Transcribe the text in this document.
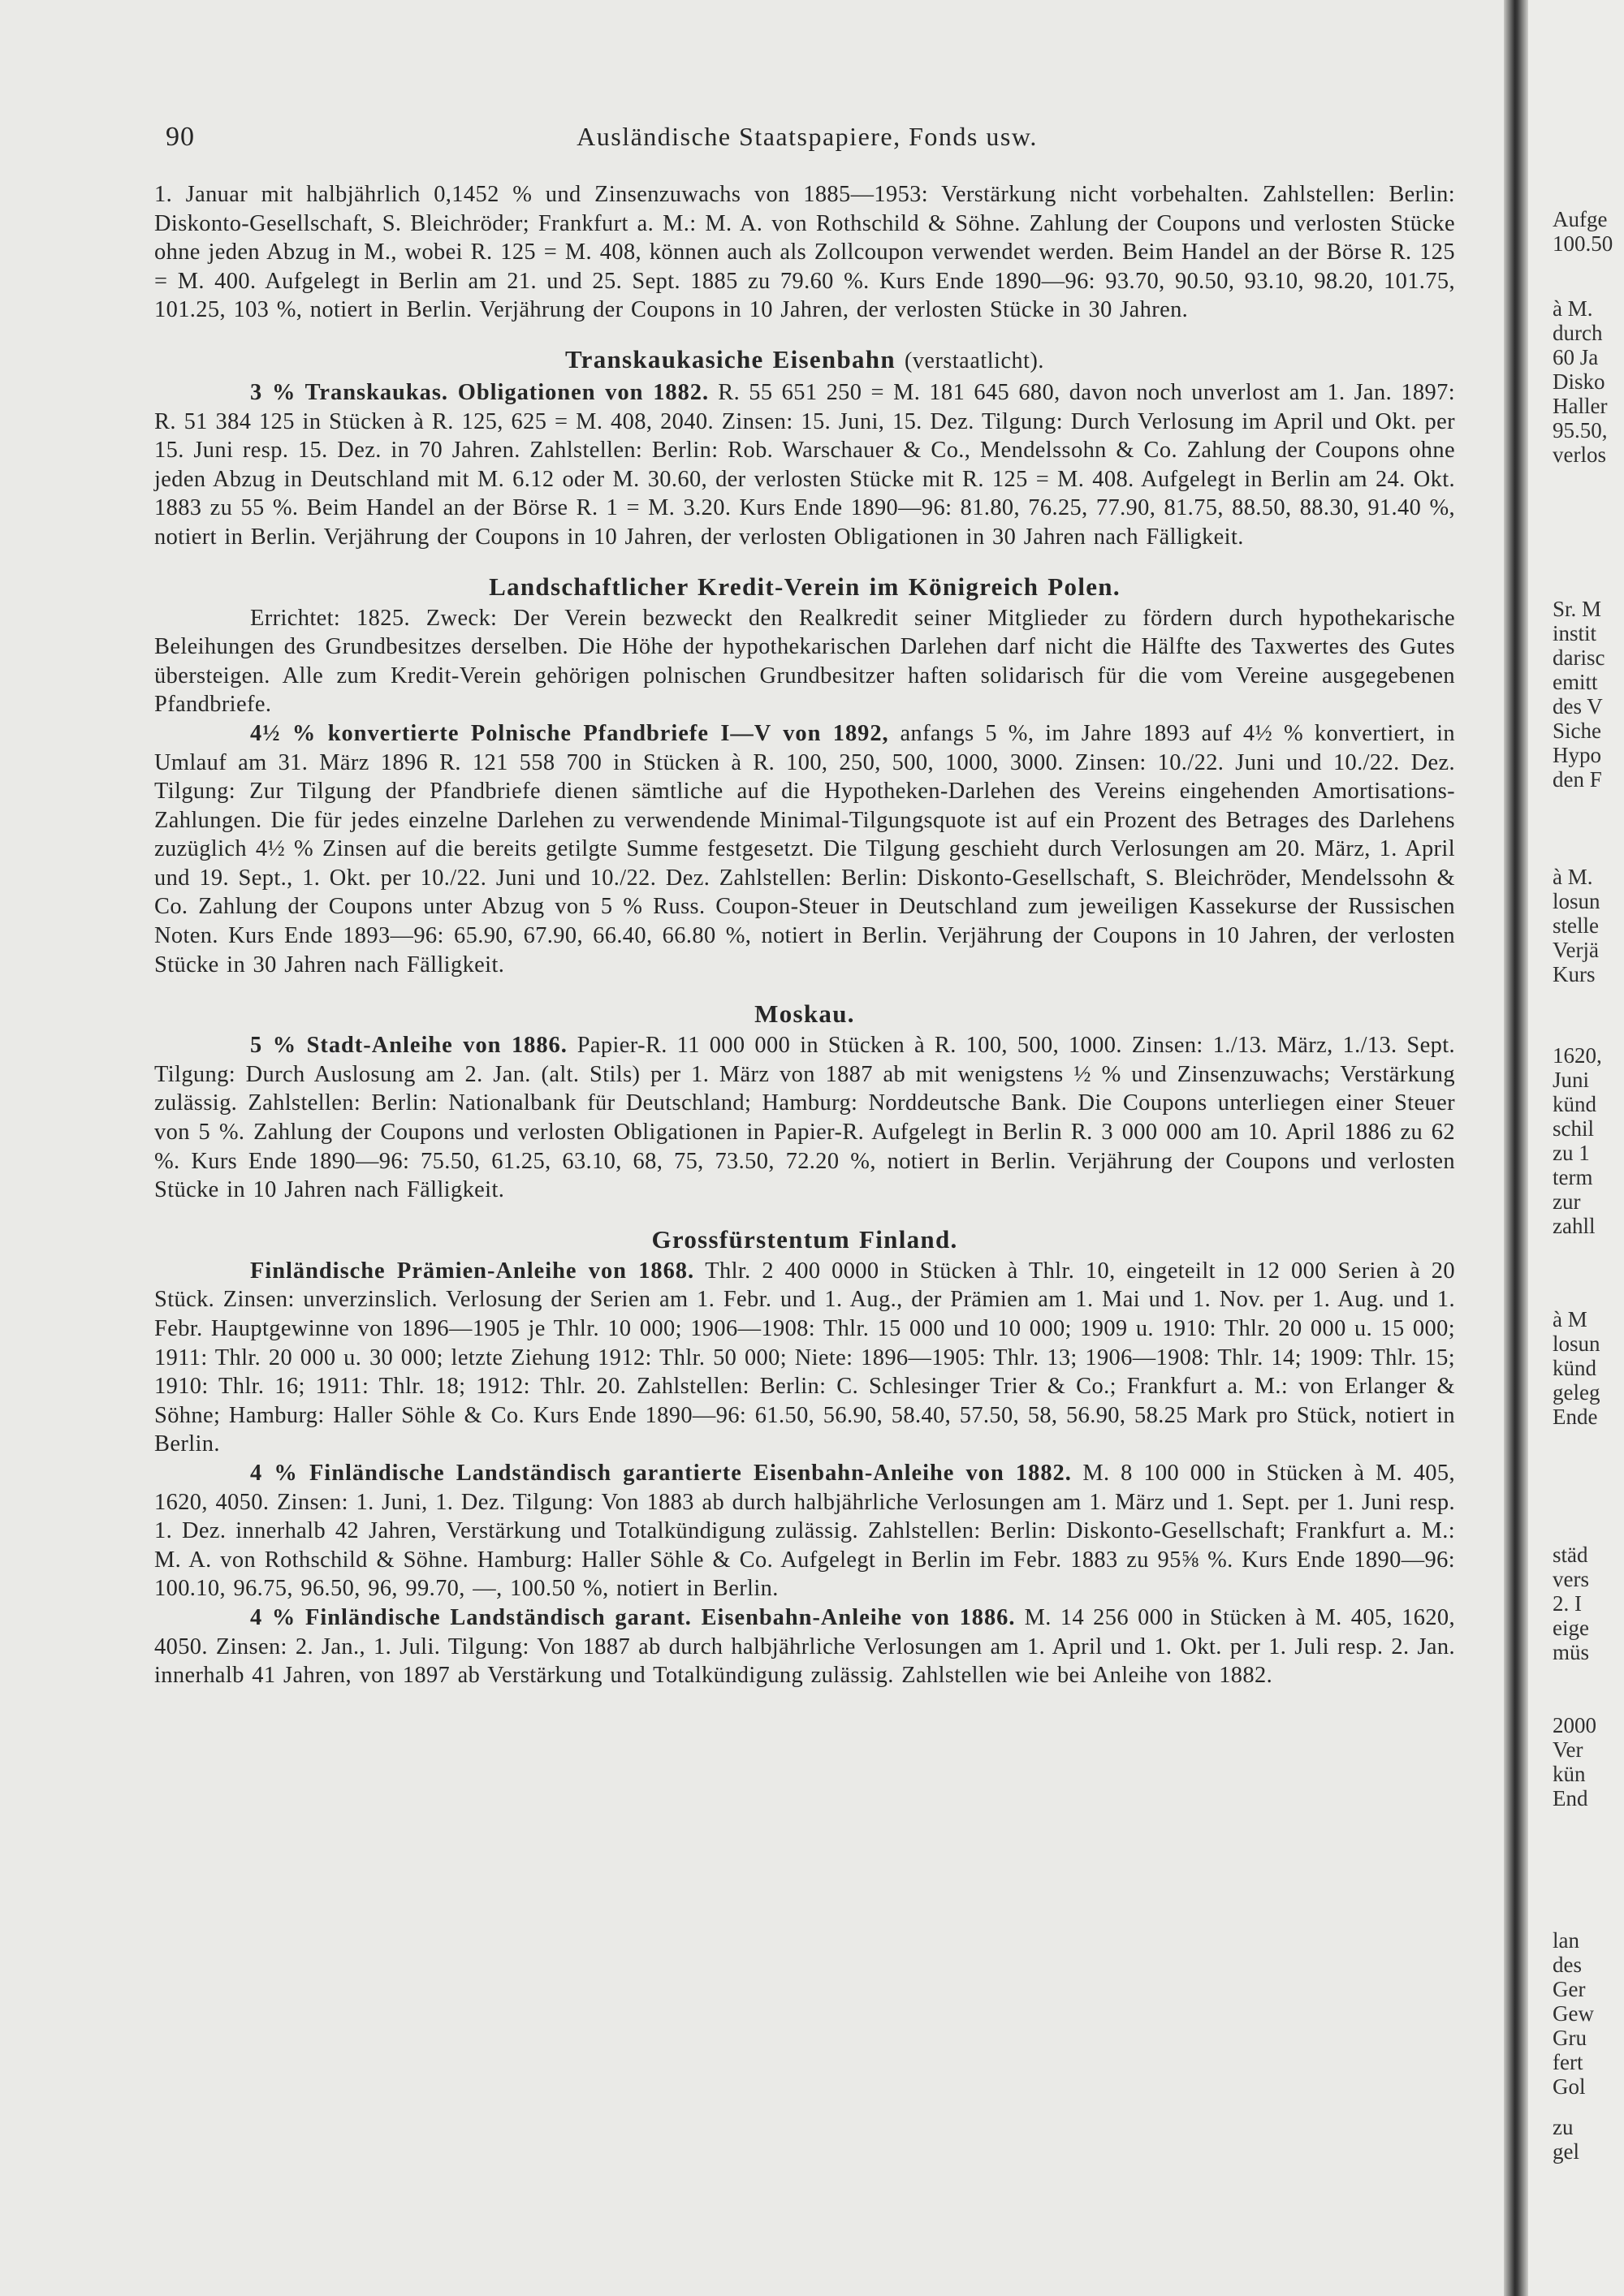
90	Ausländische Staatspapiere, Fonds usw.

1. Januar mit halbjährlich 0,1452 % und Zinsenzuwachs von 1885—1953: Verstärkung nicht vorbehalten. Zahlstellen: Berlin: Diskonto-Gesellschaft, S. Bleichröder; Frankfurt a. M.: M. A. von Rothschild & Söhne. Zahlung der Coupons und verlosten Stücke ohne jeden Abzug in M., wobei R. 125 = M. 408, können auch als Zollcoupon verwendet werden. Beim Handel an der Börse R. 125 = M. 400. Aufgelegt in Berlin am 21. und 25. Sept. 1885 zu 79.60 %. Kurs Ende 1890—96: 93.70, 90.50, 93.10, 98.20, 101.75, 101.25, 103 %, notiert in Berlin. Verjährung der Coupons in 10 Jahren, der verlosten Stücke in 30 Jahren.

Transkaukasiche Eisenbahn (verstaatlicht).

3 % Transkaukas. Obligationen von 1882. R. 55 651 250 = M. 181 645 680, davon noch unverlost am 1. Jan. 1897: R. 51 384 125 in Stücken à R. 125, 625 = M. 408, 2040. Zinsen: 15. Juni, 15. Dez. Tilgung: Durch Verlosung im April und Okt. per 15. Juni resp. 15. Dez. in 70 Jahren. Zahlstellen: Berlin: Rob. Warschauer & Co., Mendelssohn & Co. Zahlung der Coupons ohne jeden Abzug in Deutschland mit M. 6.12 oder M. 30.60, der verlosten Stücke mit R. 125 = M. 408. Aufgelegt in Berlin am 24. Okt. 1883 zu 55 %. Beim Handel an der Börse R. 1 = M. 3.20. Kurs Ende 1890—96: 81.80, 76.25, 77.90, 81.75, 88.50, 88.30, 91.40 %, notiert in Berlin. Verjährung der Coupons in 10 Jahren, der verlosten Obligationen in 30 Jahren nach Fälligkeit.

Landschaftlicher Kredit-Verein im Königreich Polen.

Errichtet: 1825. Zweck: Der Verein bezweckt den Realkredit seiner Mitglieder zu fördern durch hypothekarische Beleihungen des Grundbesitzes derselben. Die Höhe der hypothekarischen Darlehen darf nicht die Hälfte des Taxwertes des Gutes übersteigen. Alle zum Kredit-Verein gehörigen polnischen Grundbesitzer haften solidarisch für die vom Vereine ausgegebenen Pfandbriefe.

4½ % konvertierte Polnische Pfandbriefe I—V von 1892, anfangs 5 %, im Jahre 1893 auf 4½ % konvertiert, in Umlauf am 31. März 1896 R. 121 558 700 in Stücken à R. 100, 250, 500, 1000, 3000. Zinsen: 10./22. Juni und 10./22. Dez. Tilgung: Zur Tilgung der Pfandbriefe dienen sämtliche auf die Hypotheken-Darlehen des Vereins eingehenden Amortisations-Zahlungen. Die für jedes einzelne Darlehen zu verwendende Minimal-Tilgungsquote ist auf ein Prozent des Betrages des Darlehens zuzüglich 4½ % Zinsen auf die bereits getilgte Summe festgesetzt. Die Tilgung geschieht durch Verlosungen am 20. März, 1. April und 19. Sept., 1. Okt. per 10./22. Juni und 10./22. Dez. Zahlstellen: Berlin: Diskonto-Gesellschaft, S. Bleichröder, Mendelssohn & Co. Zahlung der Coupons unter Abzug von 5 % Russ. Coupon-Steuer in Deutschland zum jeweiligen Kassekurse der Russischen Noten. Kurs Ende 1893—96: 65.90, 67.90, 66.40, 66.80 %, notiert in Berlin. Verjährung der Coupons in 10 Jahren, der verlosten Stücke in 30 Jahren nach Fälligkeit.

Moskau.

5 % Stadt-Anleihe von 1886. Papier-R. 11 000 000 in Stücken à R. 100, 500, 1000. Zinsen: 1./13. März, 1./13. Sept. Tilgung: Durch Auslosung am 2. Jan. (alt. Stils) per 1. März von 1887 ab mit wenigstens ½ % und Zinsenzuwachs; Verstärkung zulässig. Zahlstellen: Berlin: Nationalbank für Deutschland; Hamburg: Norddeutsche Bank. Die Coupons unterliegen einer Steuer von 5 %. Zahlung der Coupons und verlosten Obligationen in Papier-R. Aufgelegt in Berlin R. 3 000 000 am 10. April 1886 zu 62 %. Kurs Ende 1890—96: 75.50, 61.25, 63.10, 68, 75, 73.50, 72.20 %, notiert in Berlin. Verjährung der Coupons und verlosten Stücke in 10 Jahren nach Fälligkeit.

Grossfürstentum Finland.

Finländische Prämien-Anleihe von 1868. Thlr. 2 400 0000 in Stücken à Thlr. 10, eingeteilt in 12 000 Serien à 20 Stück. Zinsen: unverzinslich. Verlosung der Serien am 1. Febr. und 1. Aug., der Prämien am 1. Mai und 1. Nov. per 1. Aug. und 1. Febr. Hauptgewinne von 1896—1905 je Thlr. 10 000; 1906—1908: Thlr. 15 000 und 10 000; 1909 u. 1910: Thlr. 20 000 u. 15 000; 1911: Thlr. 20 000 u. 30 000; letzte Ziehung 1912: Thlr. 50 000; Niete: 1896—1905: Thlr. 13; 1906—1908: Thlr. 14; 1909: Thlr. 15; 1910: Thlr. 16; 1911: Thlr. 18; 1912: Thlr. 20. Zahlstellen: Berlin: C. Schlesinger Trier & Co.; Frankfurt a. M.: von Erlanger & Söhne; Hamburg: Haller Söhle & Co. Kurs Ende 1890—96: 61.50, 56.90, 58.40, 57.50, 58, 56.90, 58.25 Mark pro Stück, notiert in Berlin.

4 % Finländische Landständisch garantierte Eisenbahn-Anleihe von 1882. M. 8 100 000 in Stücken à M. 405, 1620, 4050. Zinsen: 1. Juni, 1. Dez. Tilgung: Von 1883 ab durch halbjährliche Verlosungen am 1. März und 1. Sept. per 1. Juni resp. 1. Dez. innerhalb 42 Jahren, Verstärkung und Totalkündigung zulässig. Zahlstellen: Berlin: Diskonto-Gesellschaft; Frankfurt a. M.: M. A. von Rothschild & Söhne. Hamburg: Haller Söhle & Co. Aufgelegt in Berlin im Febr. 1883 zu 95⅝ %. Kurs Ende 1890—96: 100.10, 96.75, 96.50, 96, 99.70, —, 100.50 %, notiert in Berlin.

4 % Finländische Landständisch garant. Eisenbahn-Anleihe von 1886. M. 14 256 000 in Stücken à M. 405, 1620, 4050. Zinsen: 2. Jan., 1. Juli. Tilgung: Von 1887 ab durch halbjährliche Verlosungen am 1. April und 1. Okt. per 1. Juli resp. 2. Jan. innerhalb 41 Jahren, von 1897 ab Verstärkung und Totalkündigung zulässig. Zahlstellen wie bei Anleihe von 1882.

Aufge
100.50
à M.
durch
60 Ja
Disko
Haller
95.50,
verlos
Sr. M
instit
darisc
emitt
des V
Siche
Hypo
den F
à M.
losun
stelle
Verjä
Kurs
1620,
Juni
künd
schil
zu 1
term
zur
zahll
à M
losun
künd
geleg
Ende
städ
vers
2. I
eige
müs
2000
Ver
kün
End
lan
des
Ger
Gew
Gru
fert
Gol
zu
gel
